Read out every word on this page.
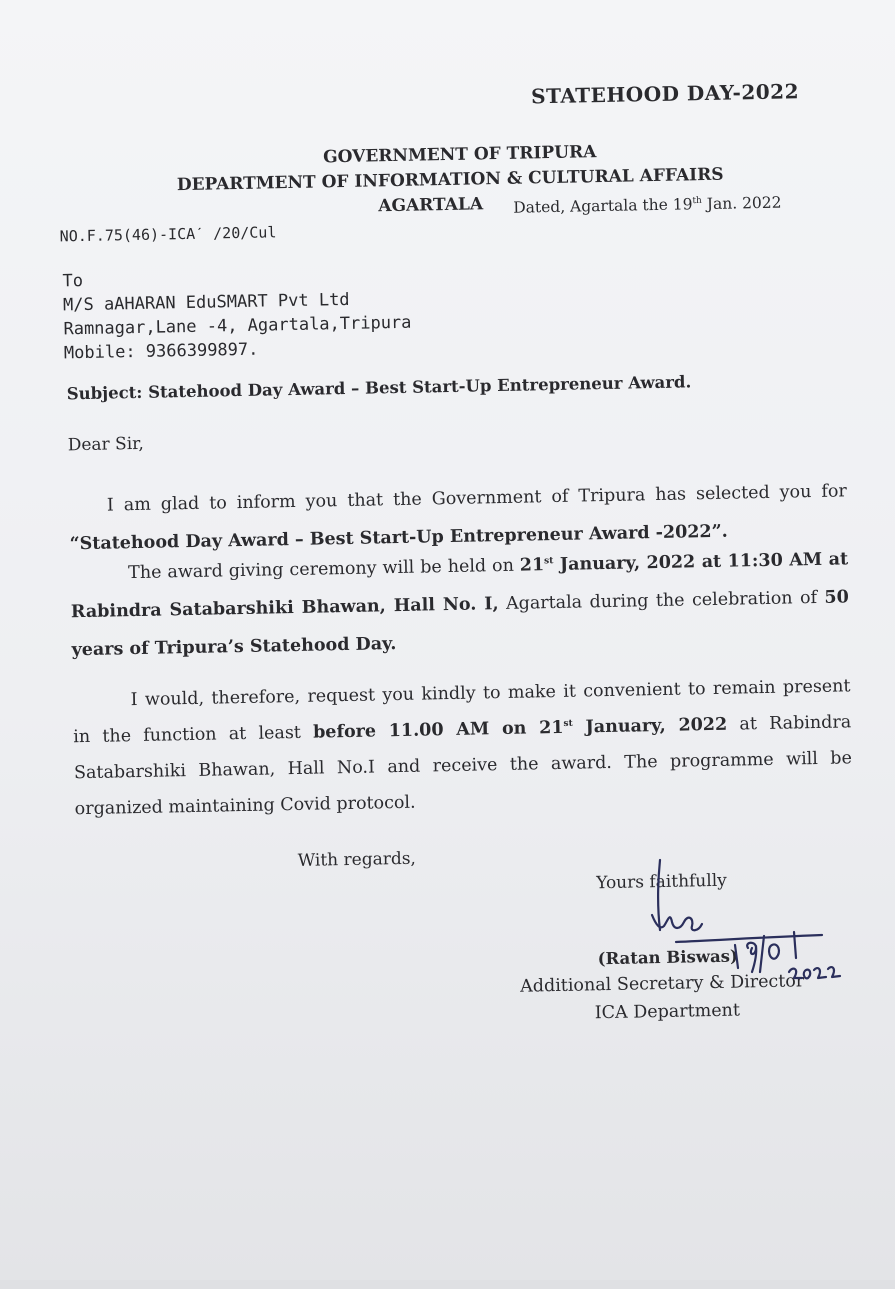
STATEHOOD DAY-2022
GOVERNMENT OF TRIPURA
DEPARTMENT OF INFORMATION & CULTURAL AFFAIRS
AGARTALA
NO.F.75(46)-ICAˊ /20/Cul
Dated, Agartala the 19th Jan. 2022
To
M/S aAHARAN EduSMART Pvt Ltd
Ramnagar,Lane -4, Agartala,Tripura
Mobile: 9366399897.
Subject: Statehood Day Award – Best Start-Up Entrepreneur Award.
Dear Sir,
I am glad to inform you that the Government of Tripura has selected you for “Statehood Day Award – Best Start-Up Entrepreneur Award -2022”.
The award giving ceremony will be held on 21st January, 2022 at 11:30 AM at Rabindra Satabarshiki Bhawan, Hall No. I, Agartala during the celebration of 50 years of Tripura’s Statehood Day.
I would, therefore, request you kindly to make it convenient to remain present in the function at least before 11.00 AM on 21st January, 2022 at Rabindra Satabarshiki Bhawan, Hall No.I and receive the award. The programme will be organized maintaining Covid protocol.
With regards,
Yours faithfully
(Ratan Biswas)
Additional Secretary & Director
ICA Department
